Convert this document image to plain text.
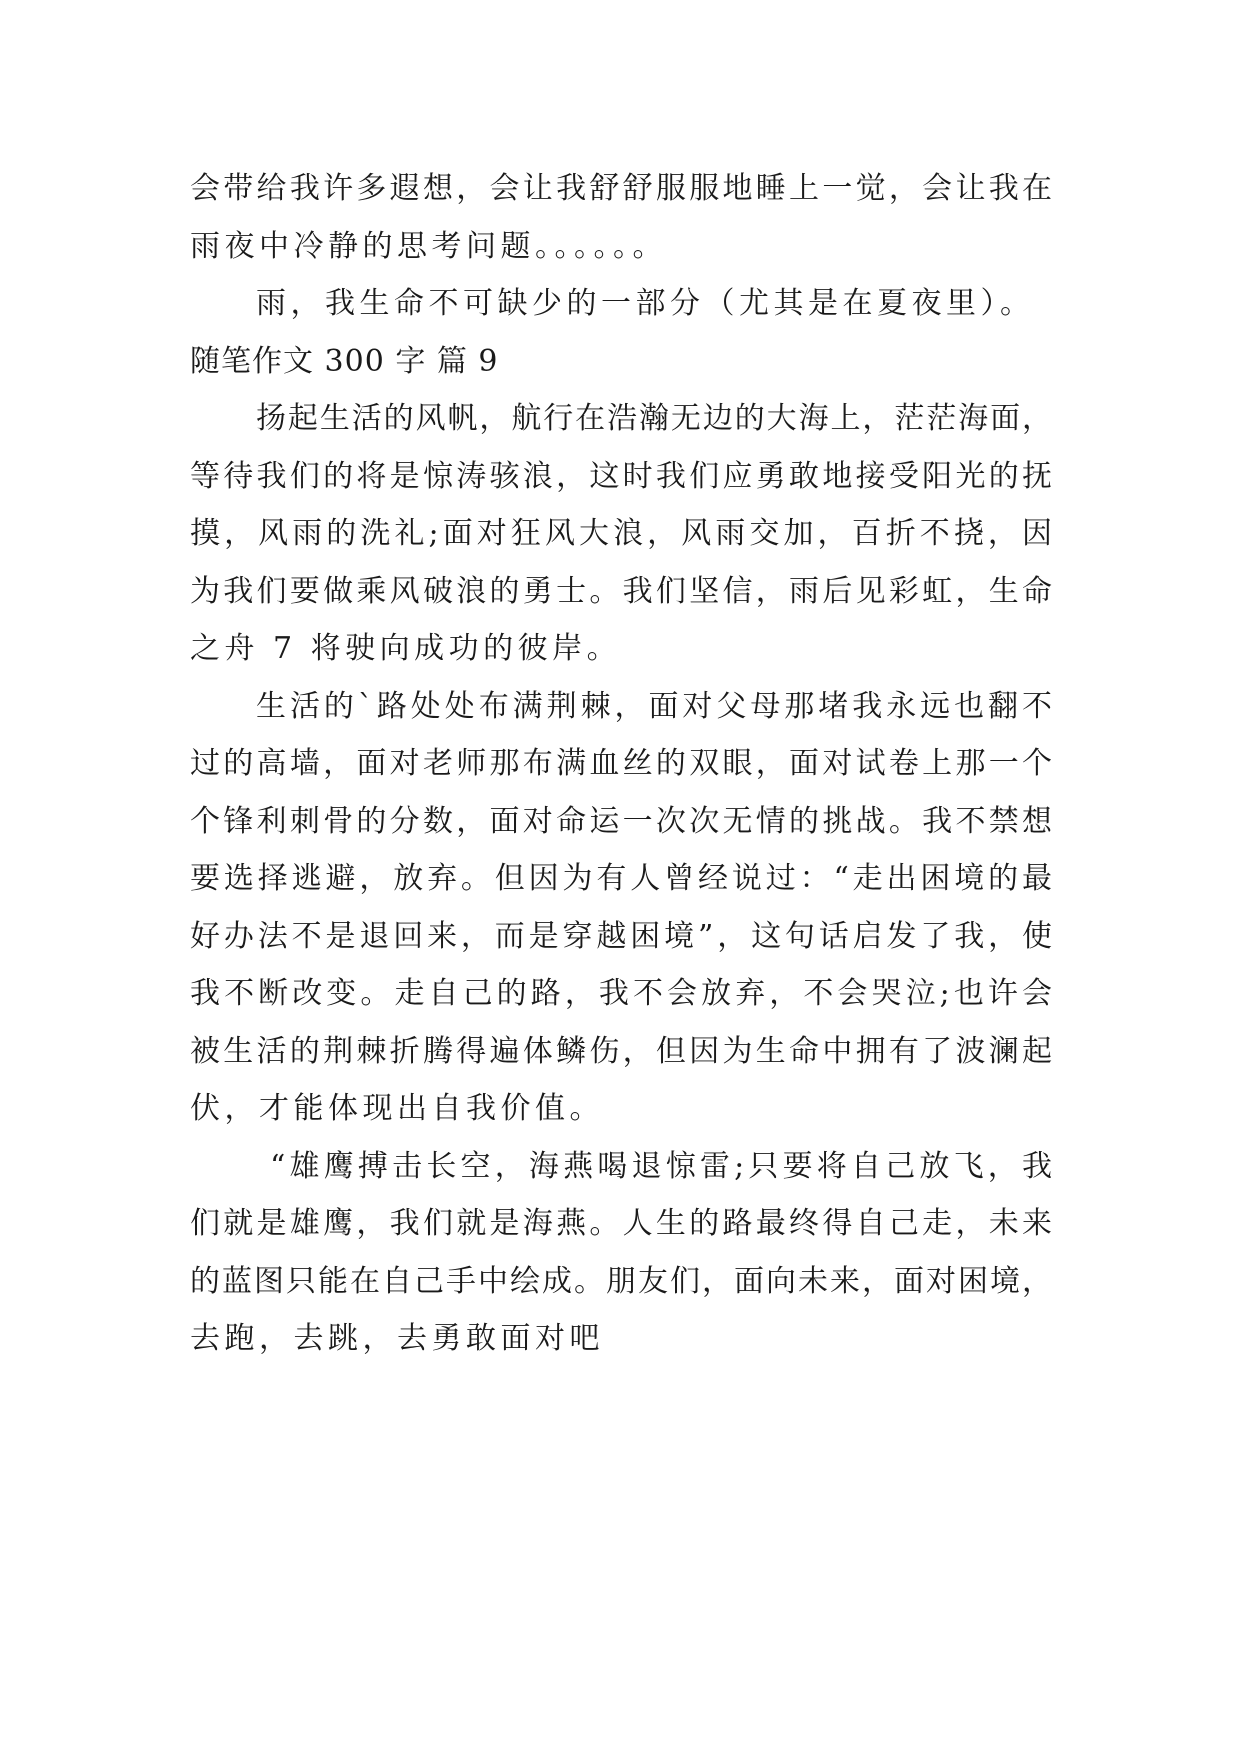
会带给我许多遐想，会让我舒舒服服地睡上一觉，会让我在
雨夜中冷静的思考问题。。。。。。
雨，我生命不可缺少的一部分（尤其是在夏夜里）。
随笔作文 300 字 篇 9
扬起生活的风帆，航行在浩瀚无边的大海上，茫茫海面，
等待我们的将是惊涛骇浪，这时我们应勇敢地接受阳光的抚
摸，风雨的洗礼;面对狂风大浪，风雨交加，百折不挠，因
为我们要做乘风破浪的勇士。我们坚信，雨后见彩虹，生命
之舟 7 将驶向成功的彼岸。
生活的`路处处布满荆棘，面对父母那堵我永远也翻不
过的高墙，面对老师那布满血丝的双眼，面对试卷上那一个
个锋利刺骨的分数，面对命运一次次无情的挑战。我不禁想
要选择逃避，放弃。但因为有人曾经说过：“走出困境的最
好办法不是退回来，而是穿越困境”，这句话启发了我，使
我不断改变。走自己的路，我不会放弃，不会哭泣;也许会
被生活的荆棘折腾得遍体鳞伤，但因为生命中拥有了波澜起
伏，才能体现出自我价值。
“雄鹰搏击长空，海燕喝退惊雷;只要将自己放飞，我
们就是雄鹰，我们就是海燕。人生的路最终得自己走，未来
的蓝图只能在自己手中绘成。朋友们，面向未来，面对困境，
去跑，去跳，去勇敢面对吧
